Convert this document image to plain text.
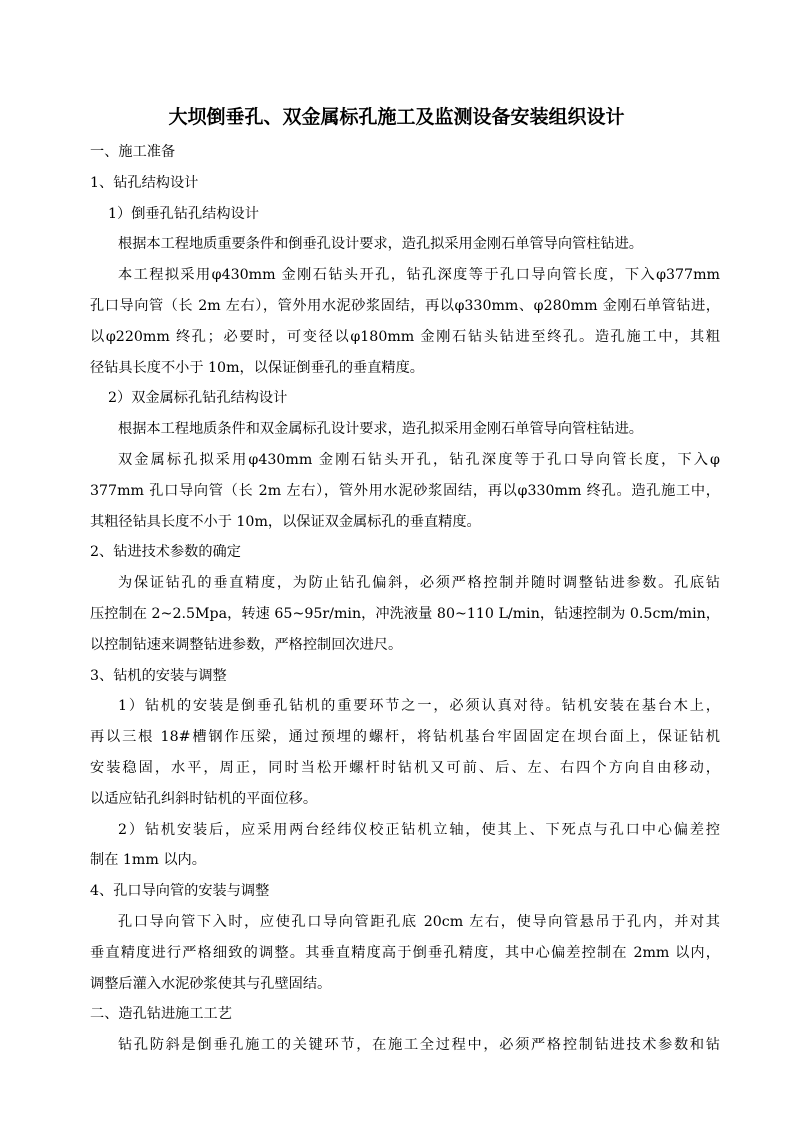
大坝倒垂孔、双金属标孔施工及监测设备安装组织设计
一、施工准备
1、钻孔结构设计
1）倒垂孔钻孔结构设计
根据本工程地质重要条件和倒垂孔设计要求，造孔拟采用金刚石单管导向管柱钻进。
本工程拟采用φ430mm 金刚石钻头开孔，钻孔深度等于孔口导向管长度，下入φ377mm
孔口导向管（长 2m 左右），管外用水泥砂浆固结，再以φ330mm、φ280mm 金刚石单管钻进，
以φ220mm 终孔；必要时，可变径以φ180mm 金刚石钻头钻进至终孔。造孔施工中，其粗
径钻具长度不小于 10m，以保证倒垂孔的垂直精度。
2）双金属标孔钻孔结构设计
根据本工程地质条件和双金属标孔设计要求，造孔拟采用金刚石单管导向管柱钻进。
双金属标孔拟采用φ430mm 金刚石钻头开孔，钻孔深度等于孔口导向管长度，下入φ
377mm 孔口导向管（长 2m 左右），管外用水泥砂浆固结，再以φ330mm 终孔。造孔施工中，
其粗径钻具长度不小于 10m，以保证双金属标孔的垂直精度。
2、钻进技术参数的确定
为保证钻孔的垂直精度，为防止钻孔偏斜，必须严格控制并随时调整钻进参数。孔底钻
压控制在 2~2.5Mpa，转速 65~95r/min，冲洗液量 80~110 L/min，钻速控制为 0.5cm/min，
以控制钻速来调整钻进参数，严格控制回次进尺。
3、钻机的安装与调整
1）钻机的安装是倒垂孔钻机的重要环节之一，必须认真对待。钻机安装在基台木上，
再以三根 18#槽钢作压梁，通过预埋的螺杆，将钻机基台牢固固定在坝台面上，保证钻机
安装稳固，水平，周正，同时当松开螺杆时钻机又可前、后、左、右四个方向自由移动，
以适应钻孔纠斜时钻机的平面位移。
2）钻机安装后，应采用两台经纬仪校正钻机立轴，使其上、下死点与孔口中心偏差控
制在 1mm 以内。
4、孔口导向管的安装与调整
孔口导向管下入时，应使孔口导向管距孔底 20cm 左右，使导向管悬吊于孔内，并对其
垂直精度进行严格细致的调整。其垂直精度高于倒垂孔精度，其中心偏差控制在 2mm 以内，
调整后灌入水泥砂浆使其与孔壁固结。
二、造孔钻进施工工艺
钻孔防斜是倒垂孔施工的关键环节，在施工全过程中，必须严格控制钻进技术参数和钻
